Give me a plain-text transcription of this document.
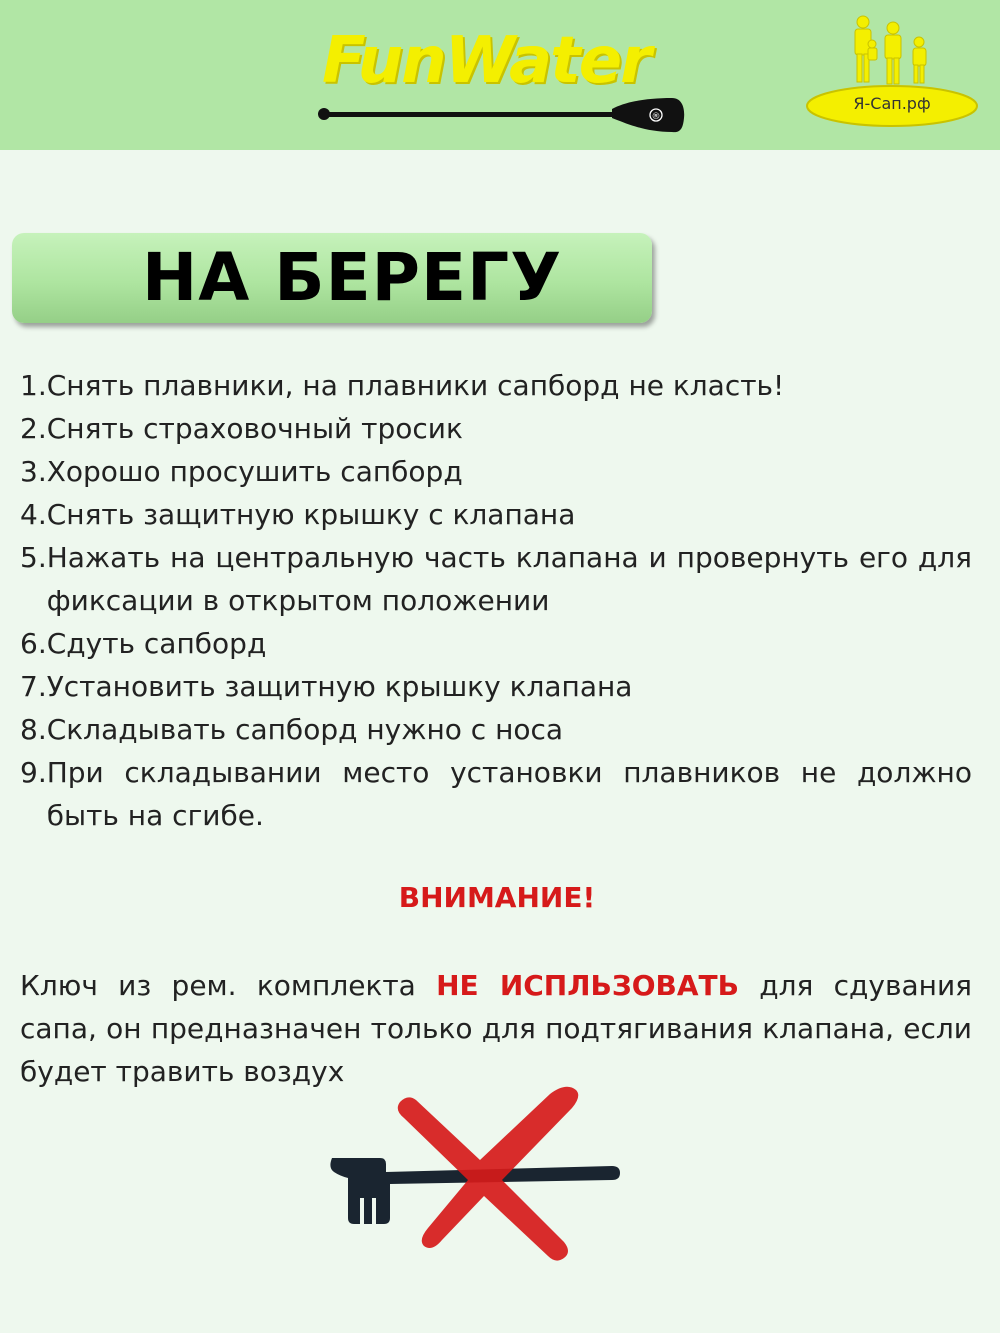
FunWater
®
Я-Сап.рф
НА БЕРЕГУ
1. Снять плавники, на плавники сапборд не класть!
2. Снять страховочный тросик
3. Хорошо просушить сапборд
4. Снять защитную крышку с клапана
5. Нажать на центральную часть клапана и провернуть его для фиксации в открытом положении
6. Сдуть сапборд
7. Установить защитную крышку клапана
8. Складывать сапборд нужно с носа
9. При складывании место установки плавников не должно быть на сгибе.
ВНИМАНИЕ!
Ключ из рем. комплекта НЕ ИСПЛЬЗОВАТЬ для сдувания сапа, он предназначен только для подтягивания клапана, если будет травить воздух
